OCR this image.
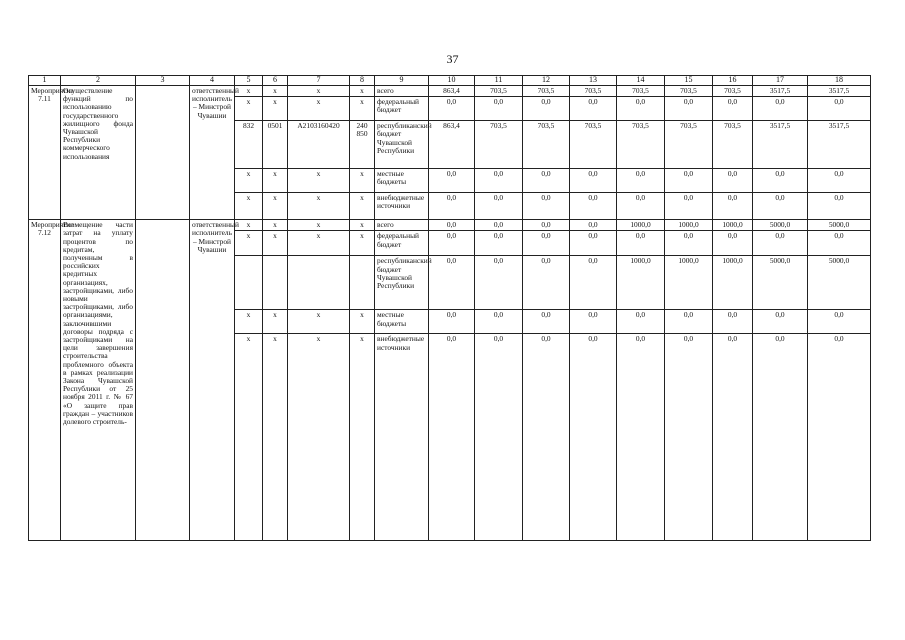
37
1	2	3	4	5	6	7	8	9	10	11	12	13	14	15	16	17	18
Мероприятие 7.11	Осуществление функций по использованию государственного жилищного фонда Чувашской Республики коммерческого использования		ответственный исполнитель – Минстрой Чувашии	x	x	x	x	всего	863,4	703,5	703,5	703,5	703,5	703,5	703,5	3517,5	3517,5
				x	x	x	x	федеральный бюджет	0,0	0,0	0,0	0,0	0,0	0,0	0,0	0,0	0,0
				832	0501	А2103160420	240 850	республиканский бюджет Чувашской Республики	863,4	703,5	703,5	703,5	703,5	703,5	703,5	3517,5	3517,5
				x	x	x	x	местные бюджеты	0,0	0,0	0,0	0,0	0,0	0,0	0,0	0,0	0,0
				x	x	x	x	внебюджетные источники	0,0	0,0	0,0	0,0	0,0	0,0	0,0	0,0	0,0
Мероприятие 7.12	Возмещение части затрат на уплату процентов по кредитам, полученным в российских кредитных организациях, застройщиками, либо новыми застройщиками, либо организациями, заключившими договоры подряда с застройщиками на цели завершения строительства проблемного объекта в рамках реализации Закона Чувашской Республики от 25 ноября 2011 г. № 67 «О защите прав граждан – участников долевого строитель-		ответственный исполнитель – Минстрой Чувашии	x	x	x	x	всего	0,0	0,0	0,0	0,0	1000,0	1000,0	1000,0	5000,0	5000,0
				x	x	x	x	федеральный бюджет	0,0	0,0	0,0	0,0	0,0	0,0	0,0	0,0	0,0
								республиканский бюджет Чувашской Республики	0,0	0,0	0,0	0,0	1000,0	1000,0	1000,0	5000,0	5000,0
				x	x	x	x	местные бюджеты	0,0	0,0	0,0	0,0	0,0	0,0	0,0	0,0	0,0
				x	x	x	x	внебюджетные источники	0,0	0,0	0,0	0,0	0,0	0,0	0,0	0,0	0,0
